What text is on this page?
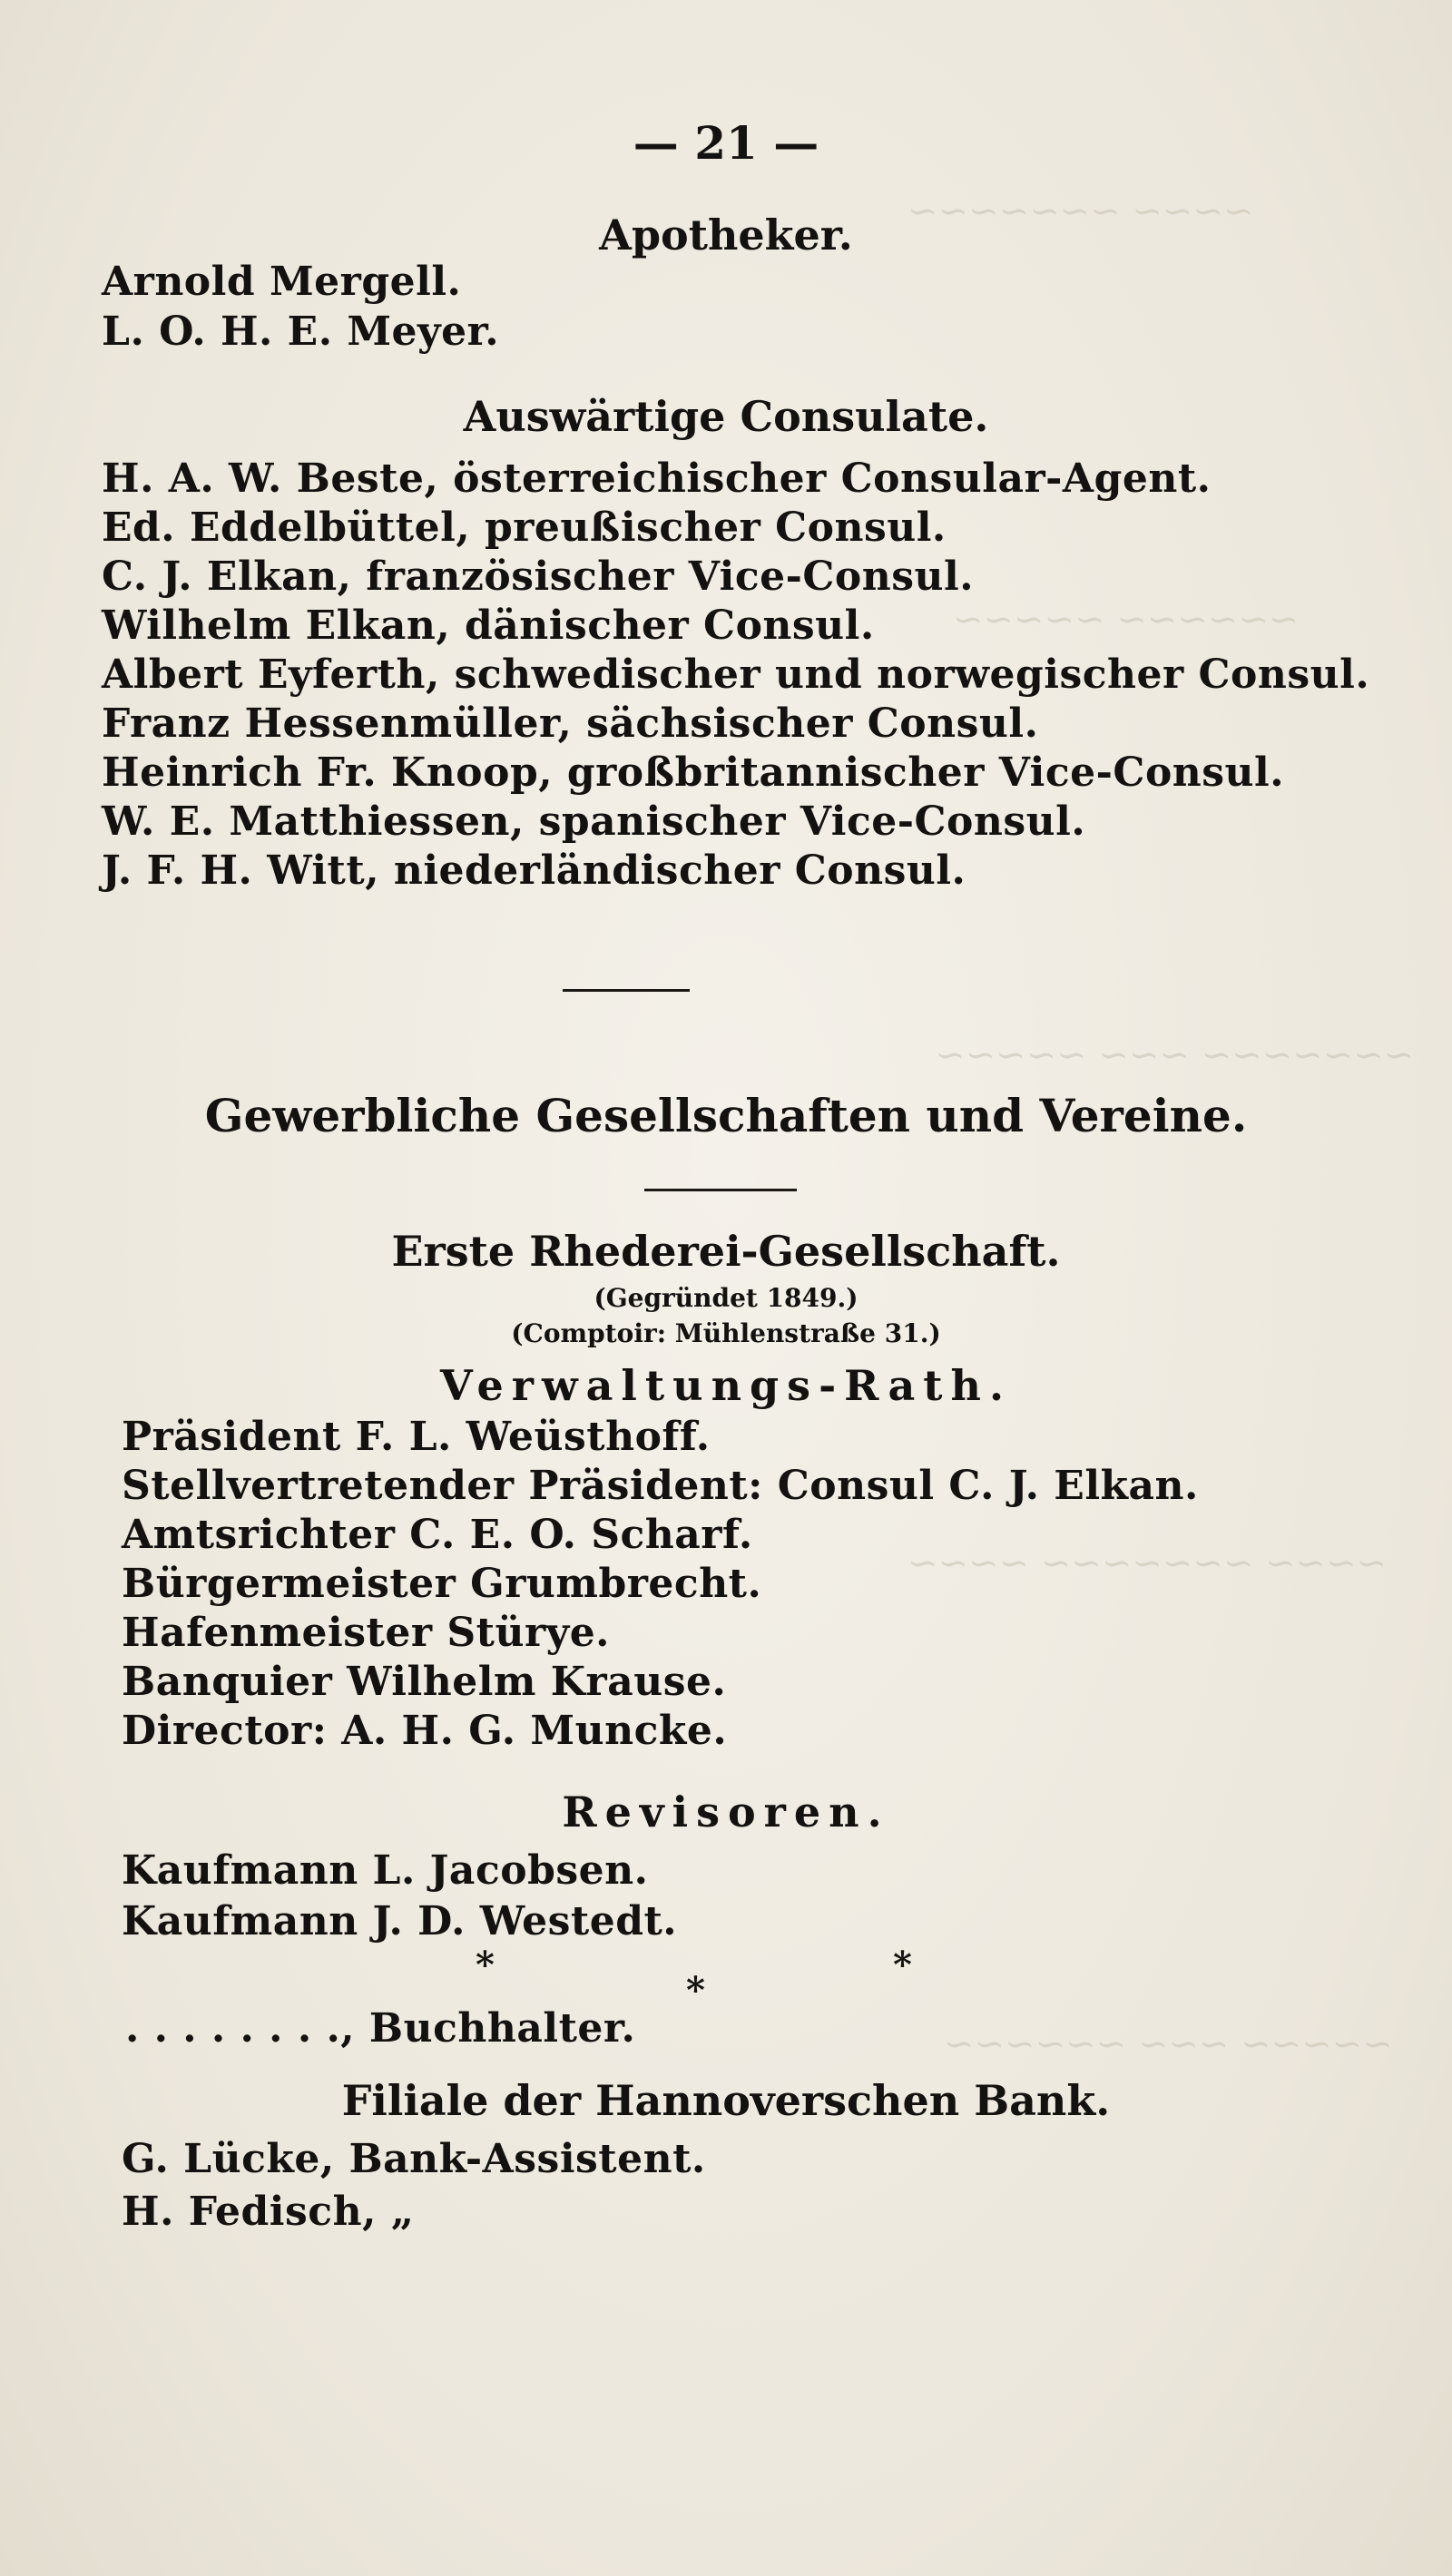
~~~~ ~~~~~~~
~~~~~~ ~~~~~
~~~~~~~ ~~~ ~~~~~
~~~~ ~~~~~~~ ~~~~
~~~~~ ~~~ ~~~~~~
— 21 —
Apotheker.
Arnold Mergell.
L. O. H. E. Meyer.
Auswärtige Consulate.
H. A. W. Beste, österreichischer Consular-Agent.
Ed. Eddelbüttel, preußischer Consul.
C. J. Elkan, französischer Vice-Consul.
Wilhelm Elkan, dänischer Consul.
Albert Eyferth, schwedischer und norwegischer Consul.
Franz Hessenmüller, sächsischer Consul.
Heinrich Fr. Knoop, großbritannischer Vice-Consul.
W. E. Matthiessen, spanischer Vice-Consul.
J. F. H. Witt, niederländischer Consul.
Gewerbliche Gesellschaften und Vereine.
Erste Rhederei-Gesellschaft.
(Gegründet 1849.)
(Comptoir: Mühlenstraße 31.)
Verwaltungs-Rath.
Präsident F. L. Weüsthoff.
Stellvertretender Präsident: Consul C. J. Elkan.
Amtsrichter C. E. O. Scharf.
Bürgermeister Grumbrecht.
Hafenmeister Stürye.
Banquier Wilhelm Krause.
Director: A. H. G. Muncke.
Revisoren.
Kaufmann L. Jacobsen.
Kaufmann J. D. Westedt.
*
*
*
. . . . . . . ., Buchhalter.
Filiale der Hannoverschen Bank.
G. Lücke, Bank-Assistent.
H. Fedisch, „
